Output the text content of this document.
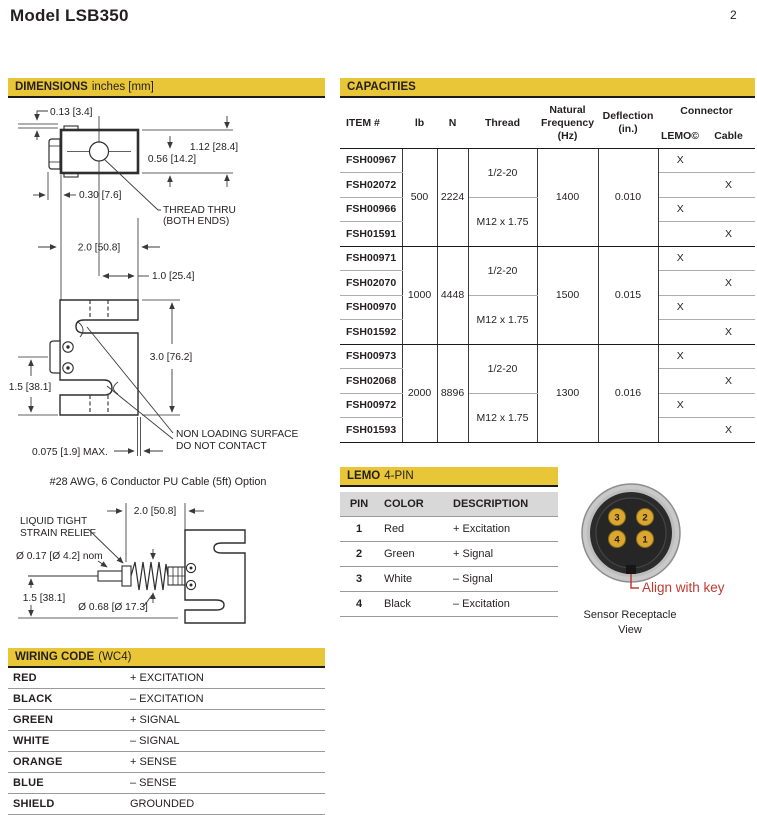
Model LSB350	2
DIMENSIONS inches [mm]
0.13 [3.4]
1.12 [28.4]
0.56 [14.2]
0.30 [7.6]
THREAD THRU
(BOTH ENDS)
2.0 [50.8]
1.0 [25.4]
3.0 [76.2]
1.5 [38.1]
0.075 [1.9] MAX.
NON LOADING SURFACE
DO NOT CONTACT
#28 AWG, 6 Conductor PU Cable (5ft) Option
2.0 [50.8]
LIQUID TIGHT
STRAIN RELIEF
Ø 0.17 [Ø 4.2] nom
1.5 [38.1]
Ø 0.68 [Ø 17.3]
CAPACITIES
ITEM #	lb	N	Thread	Natural Frequency (Hz)	Deflection (in.)	Connector	
						LEMO©	Cable
FSH00967	500	2224	1/2-20	1400	0.010	X	
FSH02072							X
FSH00966			M12 x 1.75			X	
FSH01591							X
FSH00971	1000	4448	1/2-20	1500	0.015	X	
FSH02070							X
FSH00970			M12 x 1.75			X	
FSH01592							X
FSH00973	2000	8896	1/2-20	1300	0.016	X	
FSH02068							X
FSH00972			M12 x 1.75			X	
FSH01593							X
LEMO 4-PIN
PIN	COLOR	DESCRIPTION
1	Red	+ Excitation
2	Green	+ Signal
3	White	– Signal
4	Black	– Excitation
3 2
4 1
Align with key
Sensor Receptacle
View
WIRING CODE (WC4)
RED	+ EXCITATION
BLACK	– EXCITATION
GREEN	+ SIGNAL
WHITE	– SIGNAL
ORANGE	+ SENSE
BLUE	– SENSE
SHIELD	GROUNDED
